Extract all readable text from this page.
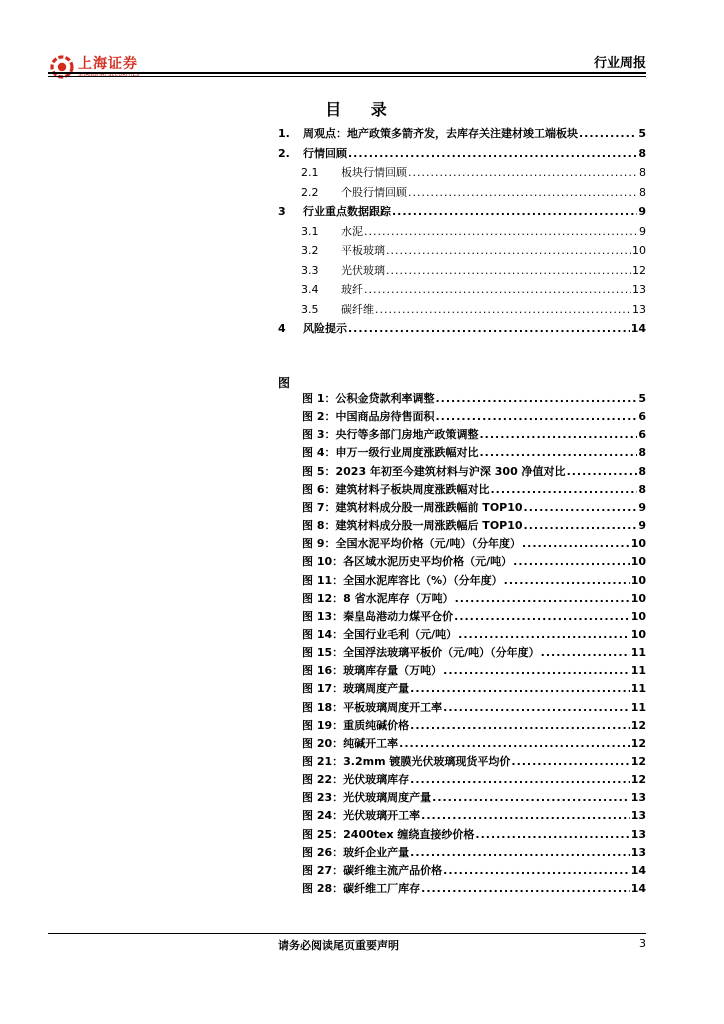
上海证券
SHANGHAI SECURITIES
行业周报
目 录
1.	周观点：地产政策多箭齐发，去库存关注建材竣工端板块 .....	5
2.	行情回顾 .....	8
2.1	板块行情回顾 .....	8
2.2	个股行情回顾 .....	8
3	行业重点数据跟踪 .....	9
3.1	水泥 .....	9
3.2	平板玻璃 .....	10
3.3	光伏玻璃 .....	12
3.4	玻纤 .....	13
3.5	碳纤维 .....	13
4	风险提示 .....	14
图
图 1：公积金贷款利率调整 .....	5
图 2：中国商品房待售面积 .....	6
图 3：央行等多部门房地产政策调整 .....	6
图 4：申万一级行业周度涨跌幅对比 .....	8
图 5：2023 年初至今建筑材料与沪深 300 净值对比 .....	8
图 6：建筑材料子板块周度涨跌幅对比 .....	8
图 7：建筑材料成分股一周涨跌幅前 TOP10 .....	9
图 8：建筑材料成分股一周涨跌幅后 TOP10 .....	9
图 9：全国水泥平均价格（元/吨）（分年度） .....	10
图 10：各区域水泥历史平均价格（元/吨） .....	10
图 11：全国水泥库容比（%）（分年度） .....	10
图 12：8 省水泥库存（万吨） .....	10
图 13：秦皇岛港动力煤平仓价 .....	10
图 14：全国行业毛利（元/吨） .....	10
图 15：全国浮法玻璃平板价（元/吨）（分年度） .....	11
图 16：玻璃库存量（万吨） .....	11
图 17：玻璃周度产量 .....	11
图 18：平板玻璃周度开工率 .....	11
图 19：重质纯碱价格 .....	12
图 20：纯碱开工率 .....	12
图 21：3.2mm 镀膜光伏玻璃现货平均价 .....	12
图 22：光伏玻璃库存 .....	12
图 23：光伏玻璃周度产量 .....	13
图 24：光伏玻璃开工率 .....	13
图 25：2400tex 缠绕直接纱价格 .....	13
图 26：玻纤企业产量 .....	13
图 27：碳纤维主流产品价格 .....	14
图 28：碳纤维工厂库存 .....	14
请务必阅读尾页重要声明	3
